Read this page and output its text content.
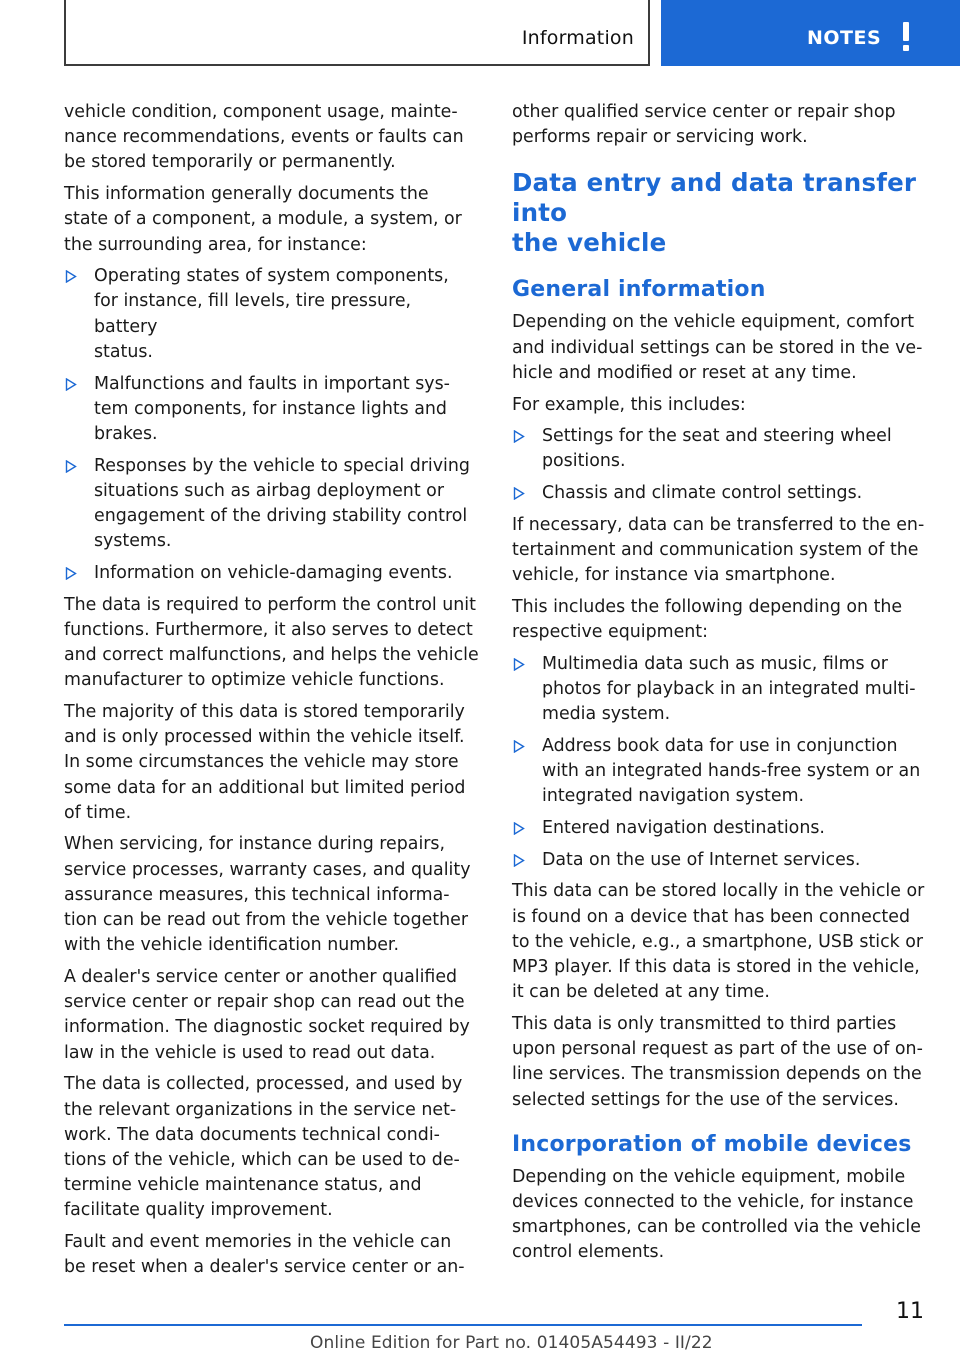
Information	NOTES

vehicle condition, component usage, mainte-
nance recommendations, events or faults can
be stored temporarily or permanently.

This information generally documents the
state of a component, a module, a system, or
the surrounding area, for instance:

Operating states of system components,
for instance, fill levels, tire pressure, battery
status.
Malfunctions and faults in important sys-
tem components, for instance lights and
brakes.
Responses by the vehicle to special driving
situations such as airbag deployment or
engagement of the driving stability control
systems.
Information on vehicle-damaging events.

The data is required to perform the control unit
functions. Furthermore, it also serves to detect
and correct malfunctions, and helps the vehicle
manufacturer to optimize vehicle functions.

The majority of this data is stored temporarily
and is only processed within the vehicle itself.
In some circumstances the vehicle may store
some data for an additional but limited period
of time.

When servicing, for instance during repairs,
service processes, warranty cases, and quality
assurance measures, this technical informa-
tion can be read out from the vehicle together
with the vehicle identification number.

A dealer's service center or another qualified
service center or repair shop can read out the
information. The diagnostic socket required by
law in the vehicle is used to read out data.

The data is collected, processed, and used by
the relevant organizations in the service net-
work. The data documents technical condi-
tions of the vehicle, which can be used to de-
termine vehicle maintenance status, and
facilitate quality improvement.

Fault and event memories in the vehicle can
be reset when a dealer's service center or an-

other qualified service center or repair shop
performs repair or servicing work.

Data entry and data transfer into
the vehicle
General information

Depending on the vehicle equipment, comfort
and individual settings can be stored in the ve-
hicle and modified or reset at any time.

For example, this includes:

Settings for the seat and steering wheel
positions.
Chassis and climate control settings.

If necessary, data can be transferred to the en-
tertainment and communication system of the
vehicle, for instance via smartphone.

This includes the following depending on the
respective equipment:

Multimedia data such as music, films or
photos for playback in an integrated multi-
media system.
Address book data for use in conjunction
with an integrated hands-free system or an
integrated navigation system.
Entered navigation destinations.
Data on the use of Internet services.

This data can be stored locally in the vehicle or
is found on a device that has been connected
to the vehicle, e.g., a smartphone, USB stick or
MP3 player. If this data is stored in the vehicle,
it can be deleted at any time.

This data is only transmitted to third parties
upon personal request as part of the use of on-
line services. The transmission depends on the
selected settings for the use of the services.

Incorporation of mobile devices

Depending on the vehicle equipment, mobile
devices connected to the vehicle, for instance
smartphones, can be controlled via the vehicle
control elements.

11
Online Edition for Part no. 01405A54493 - II/22
